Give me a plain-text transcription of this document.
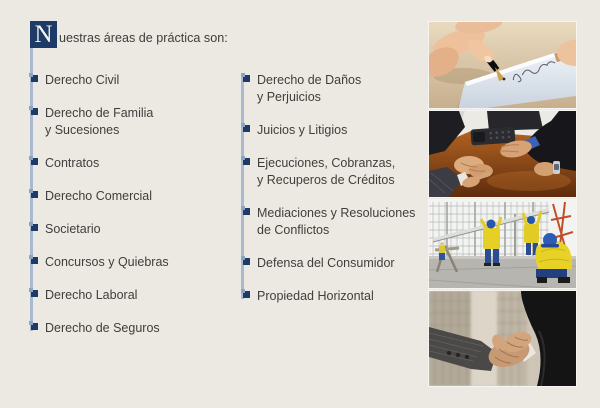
N uestras áreas de práctica son:
Derecho Civil
Derecho de Familia
y Sucesiones
Contratos
Derecho Comercial
Societario
Concursos y Quiebras
Derecho Laboral
Derecho de Seguros
Derecho de Daños
y Perjuicios
Juicios y Litigios
Ejecuciones, Cobranzas,
y Recuperos de Créditos
Mediaciones y Resoluciones
de Conflictos
Defensa del Consumidor
Propiedad Horizontal
